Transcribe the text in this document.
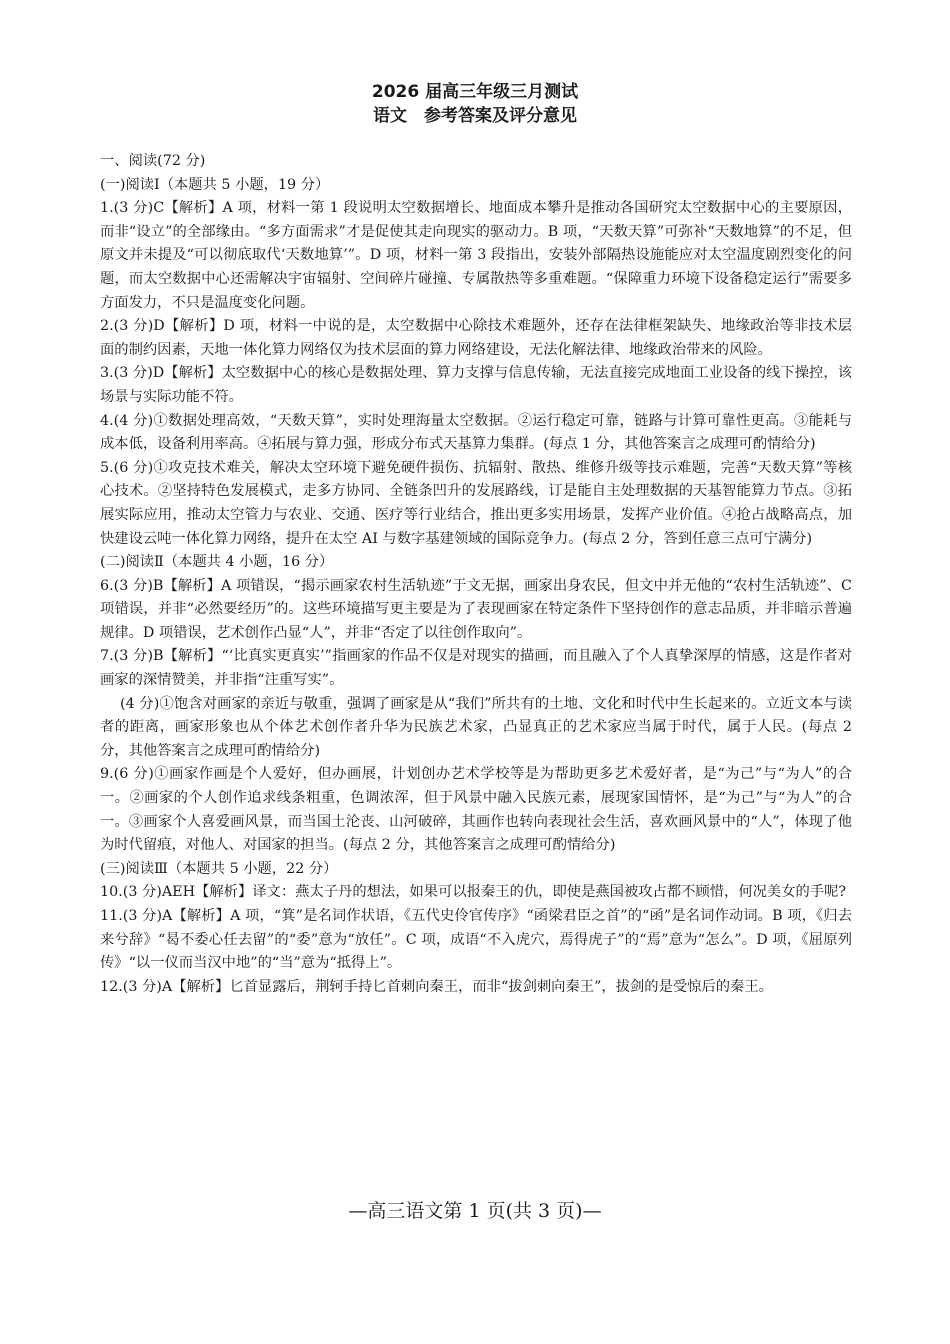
2026 届高三年级三月测试
语文　参考答案及评分意见

一、阅读(72 分)

(一)阅读Ⅰ（本题共 5 小题，19 分）

1.(3 分)C【解析】A 项，材料一第 1 段说明太空数据增长、地面成本攀升是推动各国研究太空数据中心的主要原因，而非“设立”的全部缘由。“多方面需求”才是促使其走向现实的驱动力。B 项，“天数天算”可弥补“天数地算”的不足，但原文并未提及“可以彻底取代‘天数地算’”。D 项，材料一第 3 段指出，安装外部隔热设施能应对太空温度剧烈变化的问题，而太空数据中心还需解决宇宙辐射、空间碎片碰撞、专属散热等多重难题。“保障重力环境下设备稳定运行”需要多方面发力，不只是温度变化问题。

2.(3 分)D【解析】D 项，材料一中说的是，太空数据中心除技术难题外，还存在法律框架缺失、地缘政治等非技术层面的制约因素，天地一体化算力网络仅为技术层面的算力网络建设，无法化解法律、地缘政治带来的风险。

3.(3 分)D【解析】太空数据中心的核心是数据处理、算力支撑与信息传输，无法直接完成地面工业设备的线下操控，该场景与实际功能不符。

4.(4 分)①数据处理高效，“天数天算”，实时处理海量太空数据。②运行稳定可靠，链路与计算可靠性更高。③能耗与成本低，设备利用率高。④拓展与算力强，形成分布式天基算力集群。(每点 1 分，其他答案言之成理可酌情给分)

5.(6 分)①攻克技术难关，解决太空环境下避免硬件损伤、抗辐射、散热、维修升级等技示难题，完善“天数天算”等核心技术。②坚持特色发展模式，走多方协同、全链条凹升的发展路线，订是能自主处理数据的天基智能算力节点。③拓展实际应用，推动太空管力与农业、交通、医疗等行业结合，推出更多实用场景，发挥产业价值。④抢占战略高点，加快建设云吨一体化算力网络，提升在太空 AI 与数字基建领域的国际竞争力。(每点 2 分，答到任意三点可宁满分)

(二)阅读Ⅱ（本题共 4 小题，16 分）

6.(3 分)B【解析】A 项错误，“揭示画家农村生活轨迹”于文无据，画家出身农民，但文中并无他的“农村生活轨迹”、C 项错误，并非“必然要经历”的。这些环境描写更主要是为了表现画家在特定条件下坚持创作的意志品质，并非暗示普遍规律。D 项错误，艺术创作凸显“人”，并非“否定了以往创作取向”。

7.(3 分)B【解析】“‘比真实更真实’”指画家的作品不仅是对现实的描画，而且融入了个人真挚深厚的情感，这是作者对画家的深情赞美，并非指“注重写实”。

(4 分)①饱含对画家的亲近与敬重，强调了画家是从“我们”所共有的土地、文化和时代中生长起来的。立近文本与读者的距离，画家形象也从个体艺术创作者升华为民族艺术家，凸显真正的艺术家应当属于时代，属于人民。(每点 2 分，其他答案言之成理可酌情给分)

9.(6 分)①画家作画是个人爱好，但办画展，计划创办艺术学校等是为帮助更多艺术爱好者，是“为己”与“为人”的合一。②画家的个人创作追求线条粗重，色调浓浑，但于风景中融入民族元素，展现家国情怀，是“为己”与“为人”的合一。③画家个人喜爱画风景，而当国土沦丧、山河破碎，其画作也转向表现社会生活，喜欢画风景中的“人”，体现了他为时代留痕，对他人、对国家的担当。(每点 2 分，其他答案言之成理可酌情给分)

(三)阅读Ⅲ（本题共 5 小题，22 分）

10.(3 分)AEH【解析】译文：燕太子丹的想法，如果可以报秦王的仇，即使是燕国被攻占都不顾惜，何况美女的手呢?

11.(3 分)A【解析】A 项，“箕”是名词作状语，《五代史伶官传序》“函梁君臣之首”的“函”是名词作动词。B 项，《归去来兮辞》“曷不委心任去留”的“委”意为“放任”。C 项，成语“不入虎穴，焉得虎子”的“焉”意为“怎么”。D 项，《屈原列传》“以一仪而当汉中地”的“当”意为“抵得上”。

12.(3 分)A【解析】匕首显露后，荆轲手持匕首刺向秦王，而非“拔剑刺向秦王”，拔剑的是受惊后的秦王。

—高三语文第 1 页(共 3 页)—
